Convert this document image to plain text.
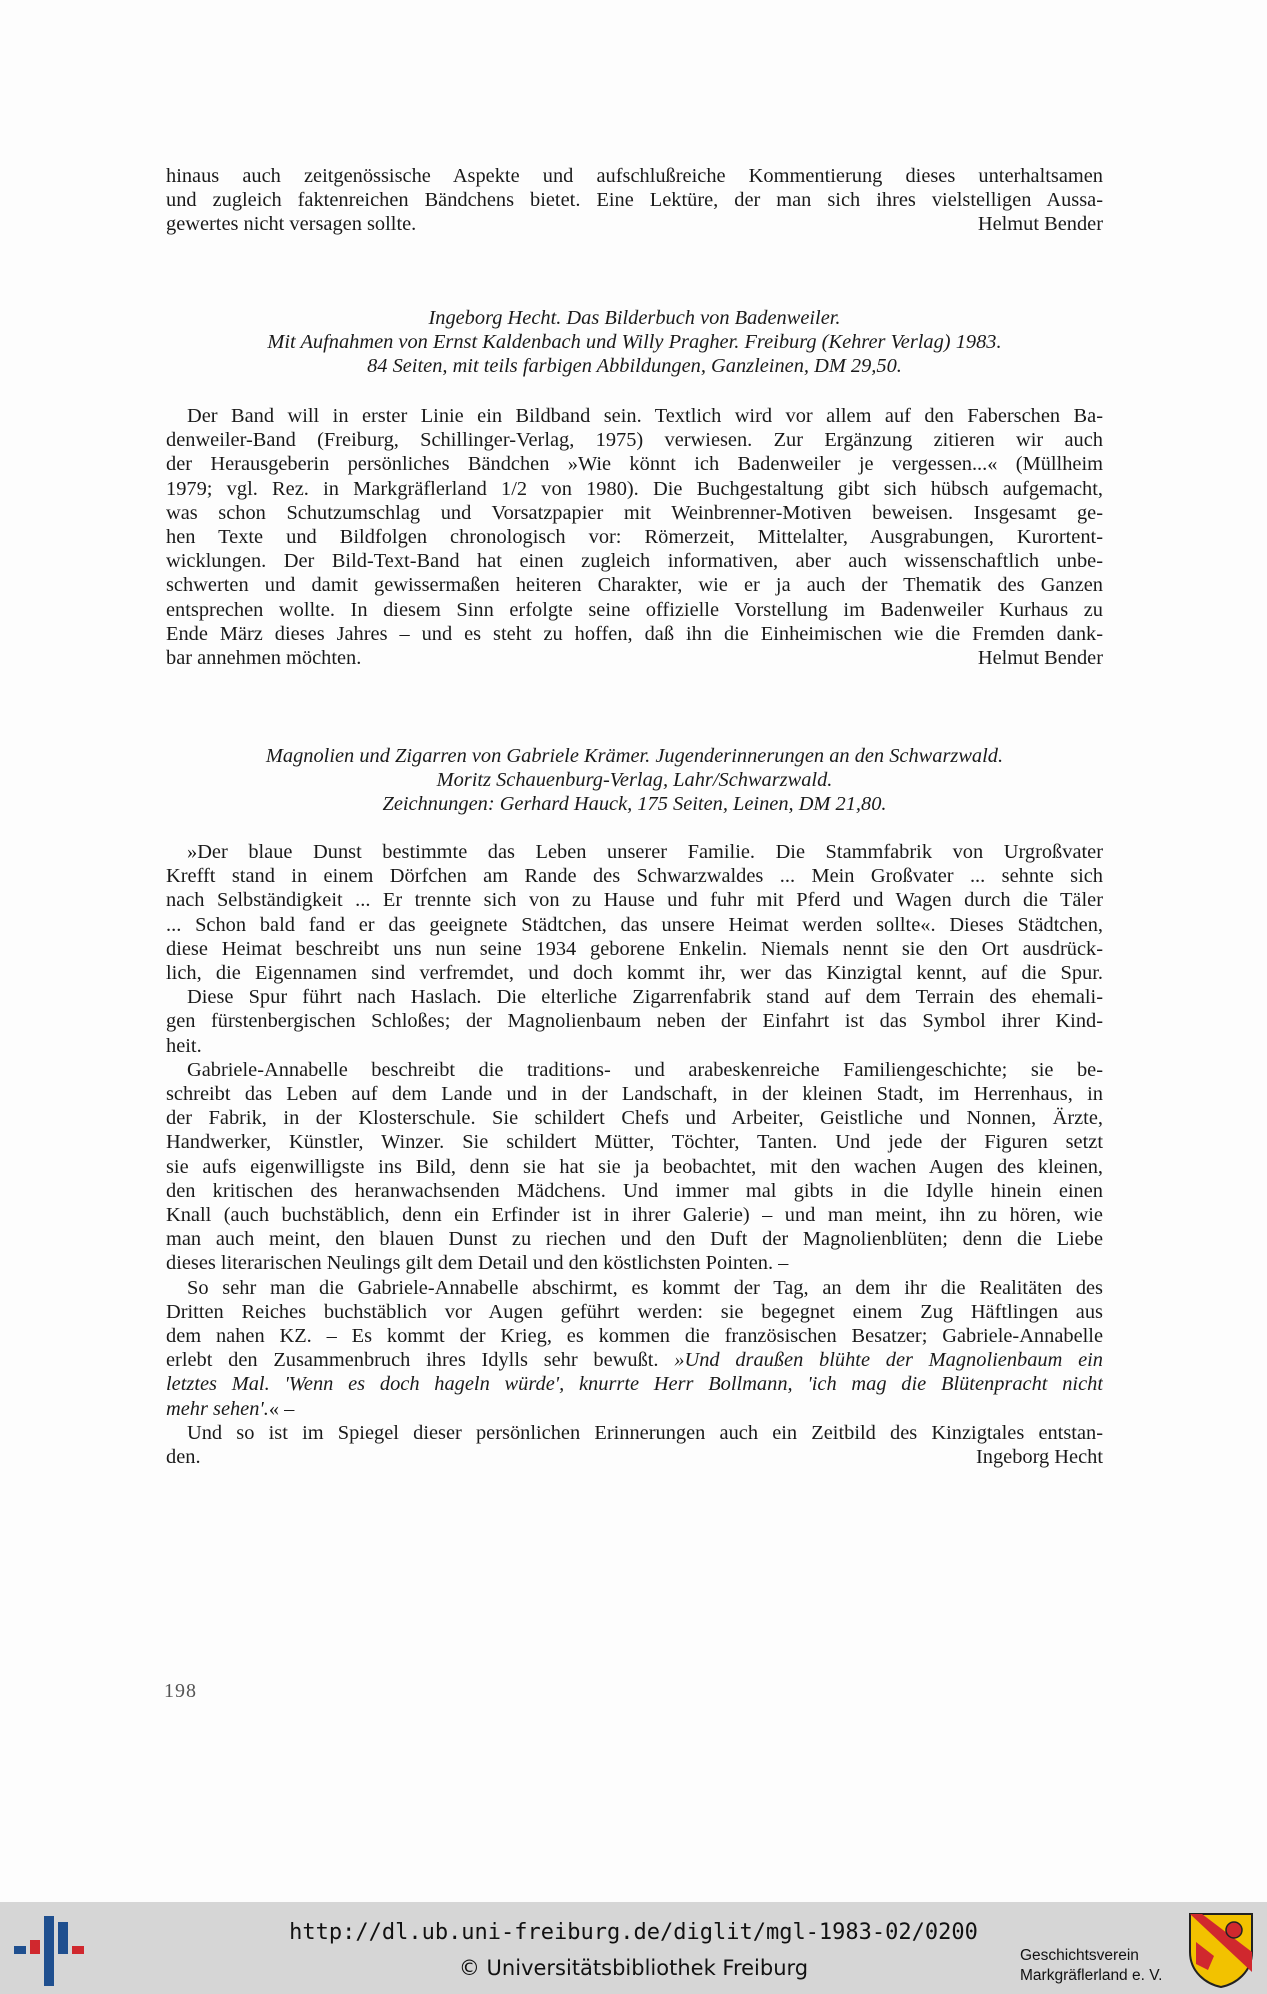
hinaus auch zeitgenössische Aspekte und aufschlußreiche Kommentierung dieses unterhaltsamen
und zugleich faktenreichen Bändchens bietet. Eine Lektüre, der man sich ihres vielstelligen Aussa-
gewertes nicht versagen sollte.	Helmut Bender
Ingeborg Hecht. Das Bilderbuch von Badenweiler.
Mit Aufnahmen von Ernst Kaldenbach und Willy Pragher. Freiburg (Kehrer Verlag) 1983.
84 Seiten, mit teils farbigen Abbildungen, Ganzleinen, DM 29,50.
Der Band will in erster Linie ein Bildband sein. Textlich wird vor allem auf den Faberschen Ba-
denweiler-Band (Freiburg, Schillinger-Verlag, 1975) verwiesen. Zur Ergänzung zitieren wir auch
der Herausgeberin persönliches Bändchen »Wie könnt ich Badenweiler je vergessen...« (Müllheim
1979; vgl. Rez. in Markgräflerland 1/2 von 1980). Die Buchgestaltung gibt sich hübsch aufgemacht,
was schon Schutzumschlag und Vorsatzpapier mit Weinbrenner-Motiven beweisen. Insgesamt ge-
hen Texte und Bildfolgen chronologisch vor: Römerzeit, Mittelalter, Ausgrabungen, Kurortent-
wicklungen. Der Bild-Text-Band hat einen zugleich informativen, aber auch wissenschaftlich unbe-
schwerten und damit gewissermaßen heiteren Charakter, wie er ja auch der Thematik des Ganzen
entsprechen wollte. In diesem Sinn erfolgte seine offizielle Vorstellung im Badenweiler Kurhaus zu
Ende März dieses Jahres – und es steht zu hoffen, daß ihn die Einheimischen wie die Fremden dank-
bar annehmen möchten.	Helmut Bender
Magnolien und Zigarren von Gabriele Krämer. Jugenderinnerungen an den Schwarzwald.
Moritz Schauenburg-Verlag, Lahr/Schwarzwald.
Zeichnungen: Gerhard Hauck, 175 Seiten, Leinen, DM 21,80.
»Der blaue Dunst bestimmte das Leben unserer Familie. Die Stammfabrik von Urgroßvater
Krefft stand in einem Dörfchen am Rande des Schwarzwaldes ... Mein Großvater ... sehnte sich
nach Selbständigkeit ... Er trennte sich von zu Hause und fuhr mit Pferd und Wagen durch die Täler
... Schon bald fand er das geeignete Städtchen, das unsere Heimat werden sollte«. Dieses Städtchen,
diese Heimat beschreibt uns nun seine 1934 geborene Enkelin. Niemals nennt sie den Ort ausdrück-
lich, die Eigennamen sind verfremdet, und doch kommt ihr, wer das Kinzigtal kennt, auf die Spur.
Diese Spur führt nach Haslach. Die elterliche Zigarrenfabrik stand auf dem Terrain des ehemali-
gen fürstenbergischen Schloßes; der Magnolienbaum neben der Einfahrt ist das Symbol ihrer Kind-
heit.
Gabriele-Annabelle beschreibt die traditions- und arabeskenreiche Familiengeschichte; sie be-
schreibt das Leben auf dem Lande und in der Landschaft, in der kleinen Stadt, im Herrenhaus, in
der Fabrik, in der Klosterschule. Sie schildert Chefs und Arbeiter, Geistliche und Nonnen, Ärzte,
Handwerker, Künstler, Winzer. Sie schildert Mütter, Töchter, Tanten. Und jede der Figuren setzt
sie aufs eigenwilligste ins Bild, denn sie hat sie ja beobachtet, mit den wachen Augen des kleinen,
den kritischen des heranwachsenden Mädchens. Und immer mal gibts in die Idylle hinein einen
Knall (auch buchstäblich, denn ein Erfinder ist in ihrer Galerie) – und man meint, ihn zu hören, wie
man auch meint, den blauen Dunst zu riechen und den Duft der Magnolienblüten; denn die Liebe
dieses literarischen Neulings gilt dem Detail und den köstlichsten Pointen. –
So sehr man die Gabriele-Annabelle abschirmt, es kommt der Tag, an dem ihr die Realitäten des
Dritten Reiches buchstäblich vor Augen geführt werden: sie begegnet einem Zug Häftlingen aus
dem nahen KZ. – Es kommt der Krieg, es kommen die französischen Besatzer; Gabriele-Annabelle
erlebt den Zusammenbruch ihres Idylls sehr bewußt. »Und draußen blühte der Magnolienbaum ein
letztes Mal. 'Wenn es doch hageln würde', knurrte Herr Bollmann, 'ich mag die Blütenpracht nicht
mehr sehen'.« –
Und so ist im Spiegel dieser persönlichen Erinnerungen auch ein Zeitbild des Kinzigtales entstan-
den.	Ingeborg Hecht
198
http://dl.ub.uni-freiburg.de/diglit/mgl-1983-02/0200
© Universitätsbibliothek Freiburg
Geschichtsverein
Markgräflerland e. V.
